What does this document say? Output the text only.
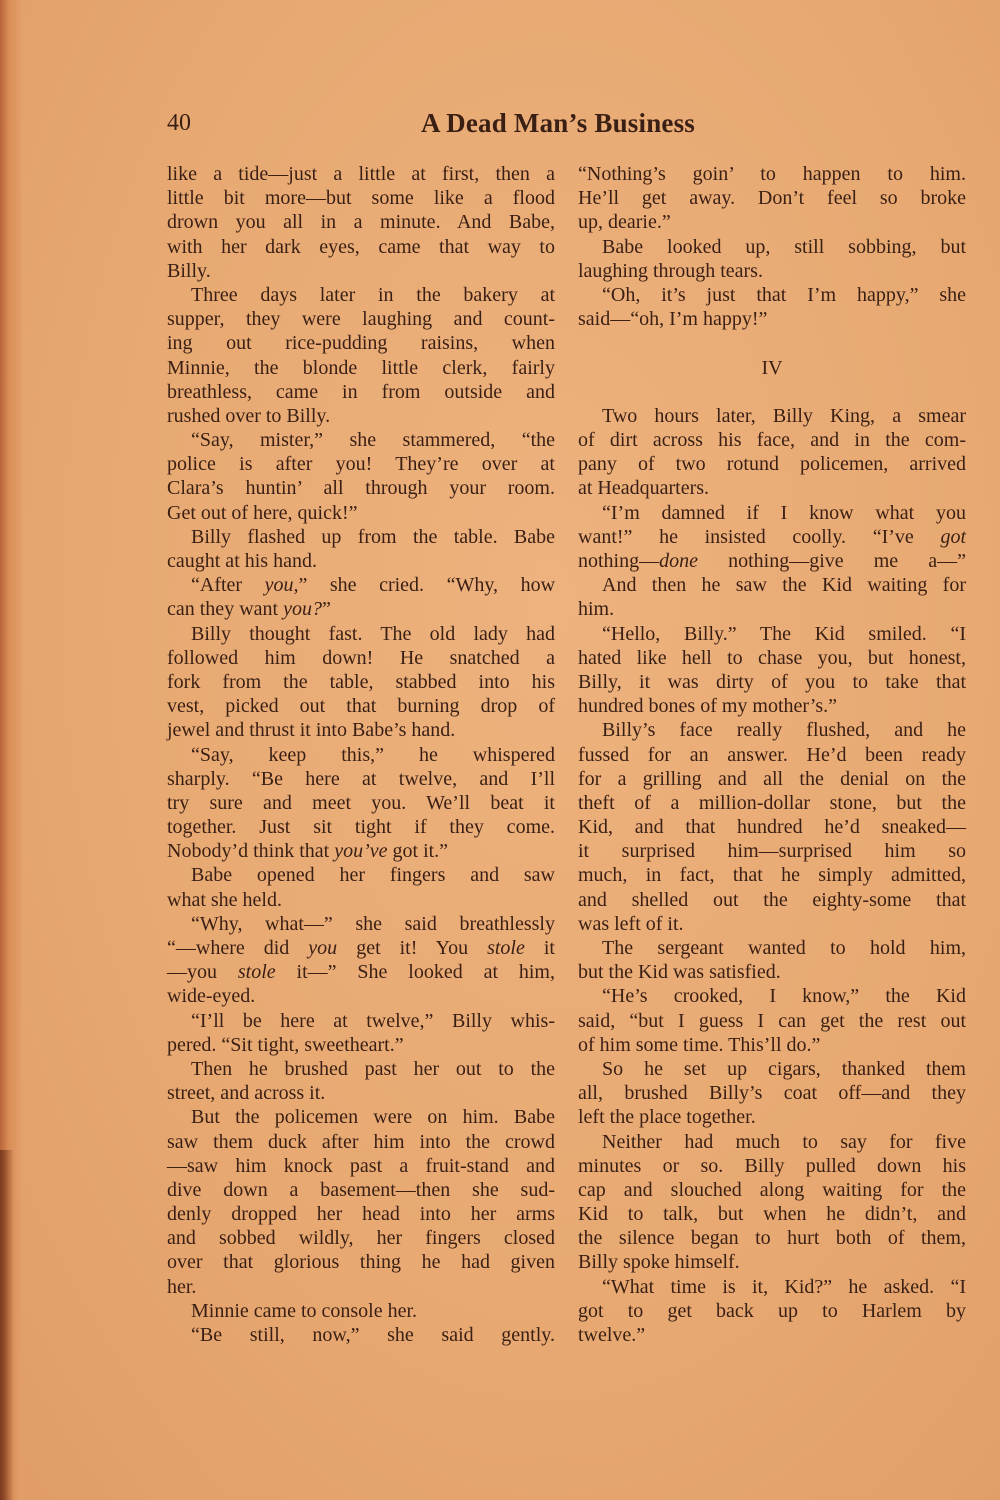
40	A Dead Man’s Business
like a tide—just a little at first, then a
little bit more—but some like a flood
drown you all in a minute. And Babe,
with her dark eyes, came that way to
Billy.
Three days later in the bakery at
supper, they were laughing and count-
ing out rice-pudding raisins, when
Minnie, the blonde little clerk, fairly
breathless, came in from outside and
rushed over to Billy.
“Say, mister,” she stammered, “the
police is after you! They’re over at
Clara’s huntin’ all through your room.
Get out of here, quick!”
Billy flashed up from the table. Babe
caught at his hand.
“After you,” she cried. “Why, how
can they want you?”
Billy thought fast. The old lady had
followed him down! He snatched a
fork from the table, stabbed into his
vest, picked out that burning drop of
jewel and thrust it into Babe’s hand.
“Say, keep this,” he whispered
sharply. “Be here at twelve, and I’ll
try sure and meet you. We’ll beat it
together. Just sit tight if they come.
Nobody’d think that you’ve got it.”
Babe opened her fingers and saw
what she held.
“Why, what—” she said breathlessly
“—where did you get it! You stole it
—you stole it—” She looked at him,
wide-eyed.
“I’ll be here at twelve,” Billy whis-
pered. “Sit tight, sweetheart.”
Then he brushed past her out to the
street, and across it.
But the policemen were on him. Babe
saw them duck after him into the crowd
—saw him knock past a fruit-stand and
dive down a basement—then she sud-
denly dropped her head into her arms
and sobbed wildly, her fingers closed
over that glorious thing he had given
her.
Minnie came to console her.
“Be still, now,” she said gently.
“Nothing’s goin’ to happen to him.
He’ll get away. Don’t feel so broke
up, dearie.”
Babe looked up, still sobbing, but
laughing through tears.
“Oh, it’s just that I’m happy,” she
said—“oh, I’m happy!”

IV

Two hours later, Billy King, a smear
of dirt across his face, and in the com-
pany of two rotund policemen, arrived
at Headquarters.
“I’m damned if I know what you
want!” he insisted coolly. “I’ve got
nothing—done nothing—give me a—”
And then he saw the Kid waiting for
him.
“Hello, Billy.” The Kid smiled. “I
hated like hell to chase you, but honest,
Billy, it was dirty of you to take that
hundred bones of my mother’s.”
Billy’s face really flushed, and he
fussed for an answer. He’d been ready
for a grilling and all the denial on the
theft of a million-dollar stone, but the
Kid, and that hundred he’d sneaked—
it surprised him—surprised him so
much, in fact, that he simply admitted,
and shelled out the eighty-some that
was left of it.
The sergeant wanted to hold him,
but the Kid was satisfied.
“He’s crooked, I know,” the Kid
said, “but I guess I can get the rest out
of him some time. This’ll do.”
So he set up cigars, thanked them
all, brushed Billy’s coat off—and they
left the place together.
Neither had much to say for five
minutes or so. Billy pulled down his
cap and slouched along waiting for the
Kid to talk, but when he didn’t, and
the silence began to hurt both of them,
Billy spoke himself.
“What time is it, Kid?” he asked. “I
got to get back up to Harlem by
twelve.”
